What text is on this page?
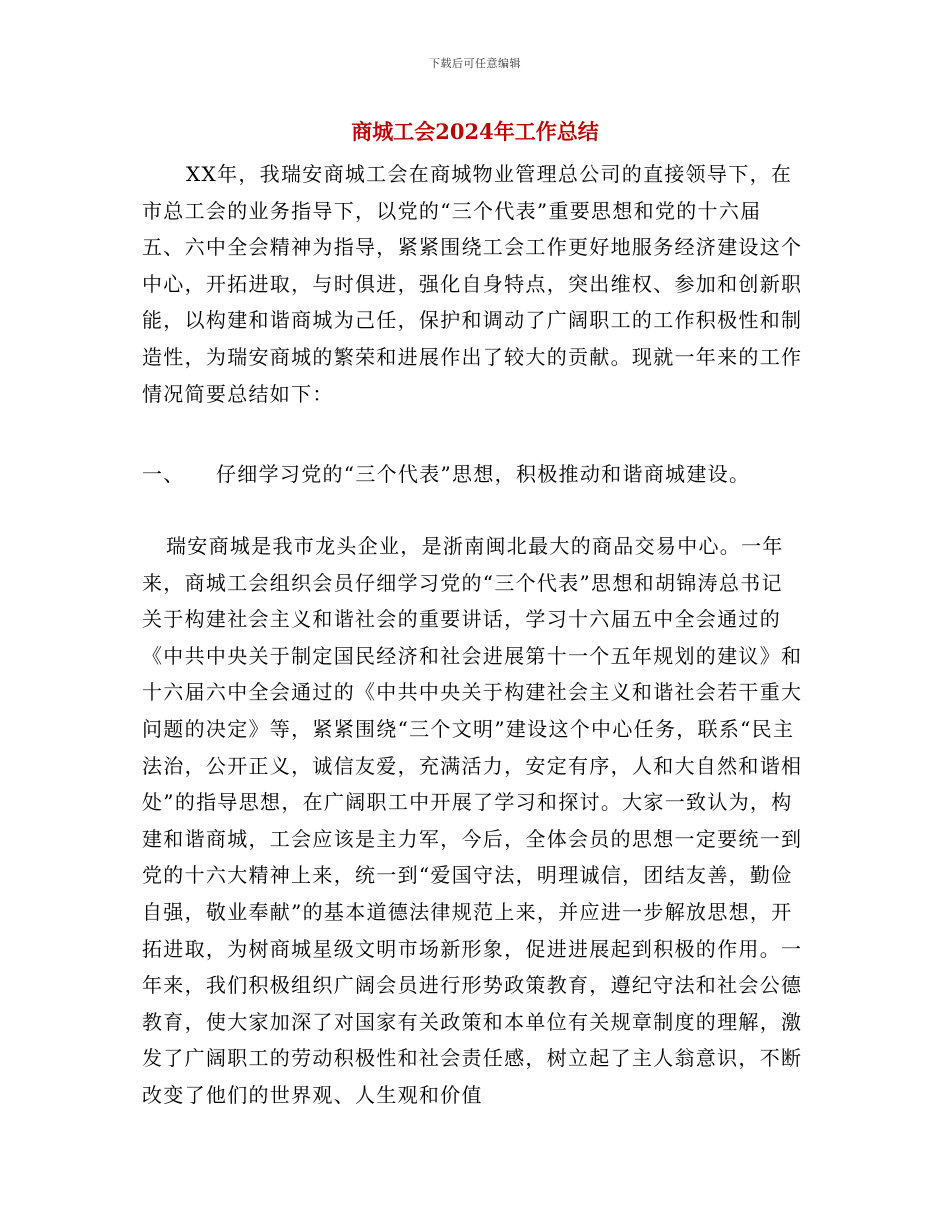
下载后可任意编辑
商城工会2024年工作总结
XX年，我瑞安商城工会在商城物业管理总公司的直接领导下，在市总工会的业务指导下，以党的“三个代表”重要思想和党的十六届五、六中全会精神为指导，紧紧围绕工会工作更好地服务经济建设这个中心，开拓进取，与时俱进，强化自身特点，突出维权、参加和创新职能，以构建和谐商城为己任，保护和调动了广阔职工的工作积极性和制造性，为瑞安商城的繁荣和进展作出了较大的贡献。现就一年来的工作情况简要总结如下：
一、 仔细学习党的“三个代表”思想，积极推动和谐商城建设。
瑞安商城是我市龙头企业，是浙南闽北最大的商品交易中心。一年来，商城工会组织会员仔细学习党的“三个代表”思想和胡锦涛总书记关于构建社会主义和谐社会的重要讲话，学习十六届五中全会通过的《中共中央关于制定国民经济和社会进展第十一个五年规划的建议》和十六届六中全会通过的《中共中央关于构建社会主义和谐社会若干重大问题的决定》等，紧紧围绕“三个文明”建设这个中心任务，联系“民主法治，公开正义，诚信友爱，充满活力，安定有序，人和大自然和谐相处”的指导思想，在广阔职工中开展了学习和探讨。大家一致认为，构建和谐商城，工会应该是主力军，今后，全体会员的思想一定要统一到党的十六大精神上来，统一到“爱国守法，明理诚信，团结友善，勤俭自强，敬业奉献”的基本道德法律规范上来，并应进一步解放思想，开拓进取，为树商城星级文明市场新形象，促进进展起到积极的作用。一年来，我们积极组织广阔会员进行形势政策教育，遵纪守法和社会公德教育，使大家加深了对国家有关政策和本单位有关规章制度的理解，激发了广阔职工的劳动积极性和社会责任感，树立起了主人翁意识，不断改变了他们的世界观、人生观和价值
